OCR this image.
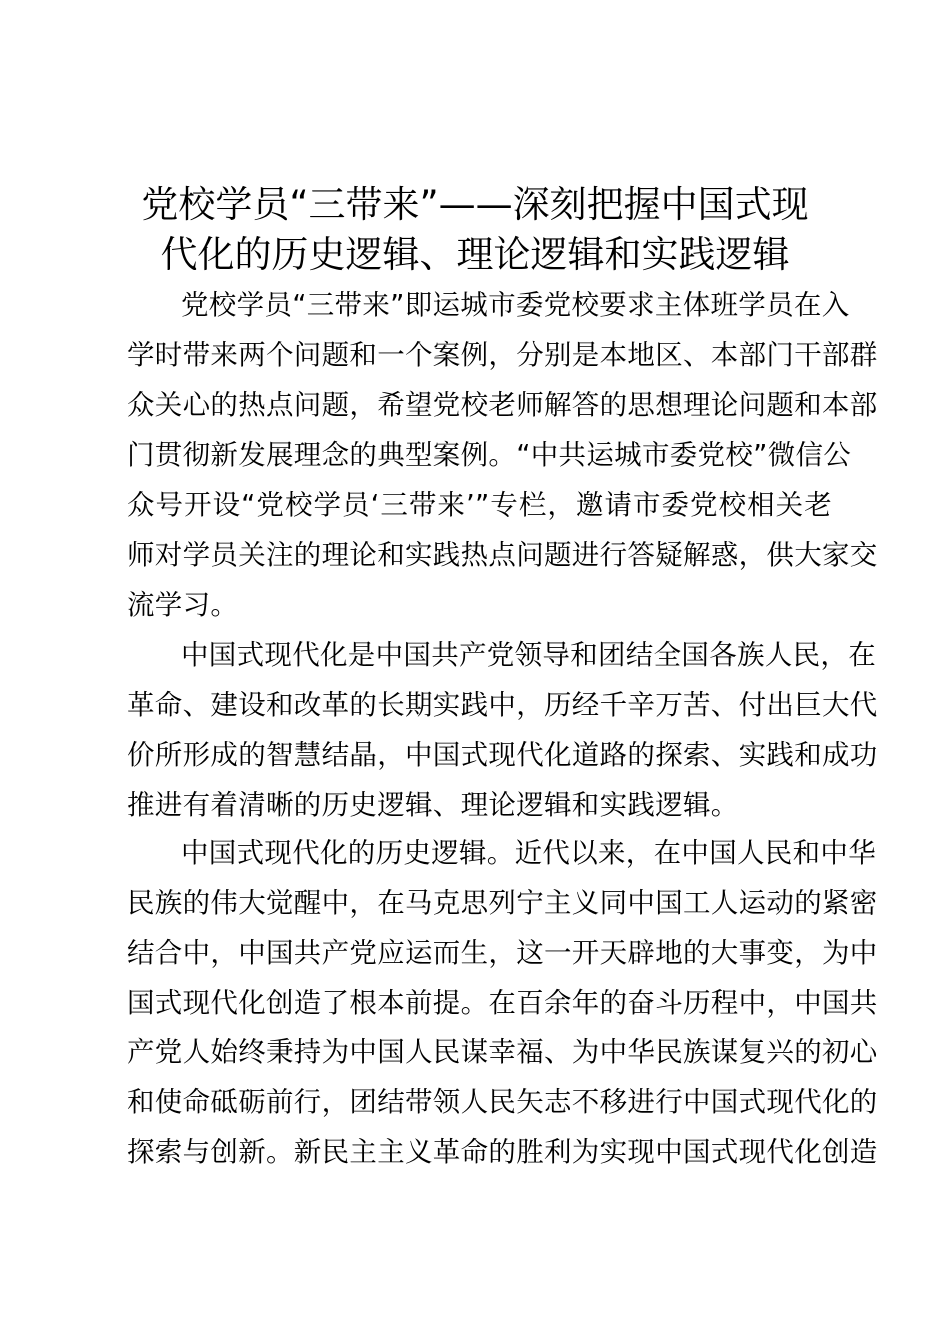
党校学员“三带来”——深刻把握中国式现
代化的历史逻辑、理论逻辑和实践逻辑
党校学员“三带来”即运城市委党校要求主体班学员在入
学时带来两个问题和一个案例，分别是本地区、本部门干部群
众关心的热点问题，希望党校老师解答的思想理论问题和本部
门贯彻新发展理念的典型案例。“中共运城市委党校”微信公
众号开设“党校学员‘三带来’”专栏，邀请市委党校相关老
师对学员关注的理论和实践热点问题进行答疑解惑，供大家交
流学习。
中国式现代化是中国共产党领导和团结全国各族人民，在
革命、建设和改革的长期实践中，历经千辛万苦、付出巨大代
价所形成的智慧结晶，中国式现代化道路的探索、实践和成功
推进有着清晰的历史逻辑、理论逻辑和实践逻辑。
中国式现代化的历史逻辑。近代以来，在中国人民和中华
民族的伟大觉醒中，在马克思列宁主义同中国工人运动的紧密
结合中，中国共产党应运而生，这一开天辟地的大事变，为中
国式现代化创造了根本前提。在百余年的奋斗历程中，中国共
产党人始终秉持为中国人民谋幸福、为中华民族谋复兴的初心
和使命砥砺前行，团结带领人民矢志不移进行中国式现代化的
探索与创新。新民主主义革命的胜利为实现中国式现代化创造
